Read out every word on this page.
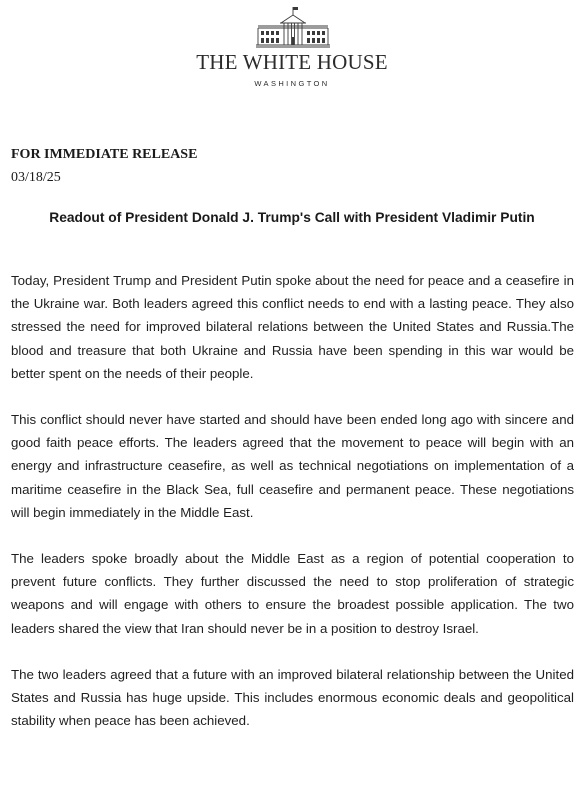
THE WHITE HOUSE
WASHINGTON
FOR IMMEDIATE RELEASE
03/18/25
Readout of President Donald J. Trump's Call with President Vladimir Putin

Today, President Trump and President Putin spoke about the need for peace and a ceasefire in the Ukraine war. Both leaders agreed this conflict needs to end with a lasting peace. They also stressed the need for improved bilateral relations between the United States and Russia.The blood and treasure that both Ukraine and Russia have been spending in this war would be better spent on the needs of their people.

This conflict should never have started and should have been ended long ago with sincere and good faith peace efforts. The leaders agreed that the movement to peace will begin with an energy and infrastructure ceasefire, as well as technical negotiations on implementation of a maritime ceasefire in the Black Sea, full ceasefire and permanent peace. These negotiations will begin immediately in the Middle East.

The leaders spoke broadly about the Middle East as a region of potential cooperation to prevent future conflicts. They further discussed the need to stop proliferation of strategic weapons and will engage with others to ensure the broadest possible application. The two leaders shared the view that Iran should never be in a position to destroy Israel.

The two leaders agreed that a future with an improved bilateral relationship between the United States and Russia has huge upside. This includes enormous economic deals and geopolitical stability when peace has been achieved.
